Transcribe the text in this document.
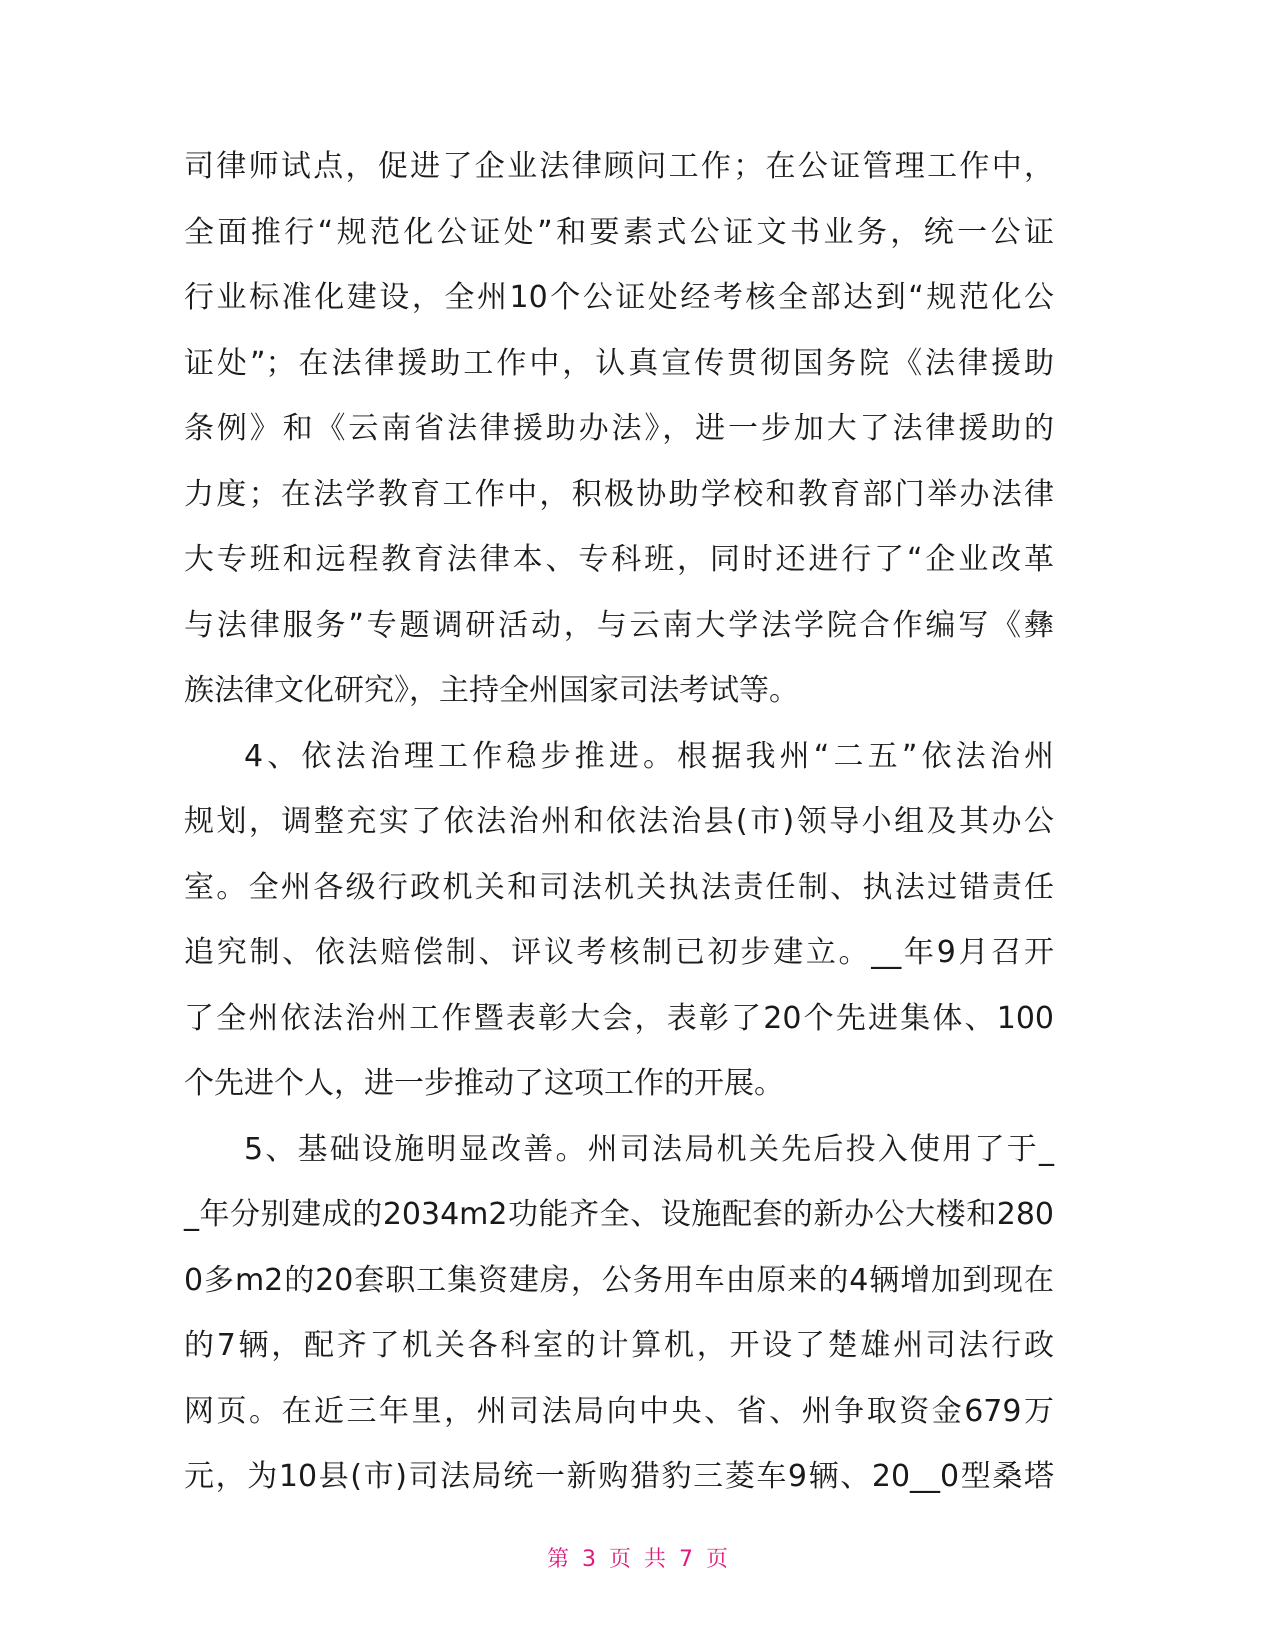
司律师试点，促进了企业法律顾问工作；在公证管理工作中，
全面推行“规范化公证处”和要素式公证文书业务，统一公证
行业标准化建设，全州10个公证处经考核全部达到“规范化公
证处”；在法律援助工作中，认真宣传贯彻国务院《法律援助
条例》和《云南省法律援助办法》，进一步加大了法律援助的
力度；在法学教育工作中，积极协助学校和教育部门举办法律
大专班和远程教育法律本、专科班，同时还进行了“企业改革
与法律服务”专题调研活动，与云南大学法学院合作编写《彝
族法律文化研究》，主持全州国家司法考试等。
4、依法治理工作稳步推进。根据我州“二五”依法治州
规划，调整充实了依法治州和依法治县(市)领导小组及其办公
室。全州各级行政机关和司法机关执法责任制、执法过错责任
追究制、依法赔偿制、评议考核制已初步建立。__年9月召开
了全州依法治州工作暨表彰大会，表彰了20个先进集体、100
个先进个人，进一步推动了这项工作的开展。
5、基础设施明显改善。州司法局机关先后投入使用了于_
_年分别建成的2034m2功能齐全、设施配套的新办公大楼和280
0多m2的20套职工集资建房，公务用车由原来的4辆增加到现在
的7辆，配齐了机关各科室的计算机，开设了楚雄州司法行政
网页。在近三年里，州司法局向中央、省、州争取资金679万
元，为10县(市)司法局统一新购猎豹三菱车9辆、20__0型桑塔
第 3 页 共 7 页
